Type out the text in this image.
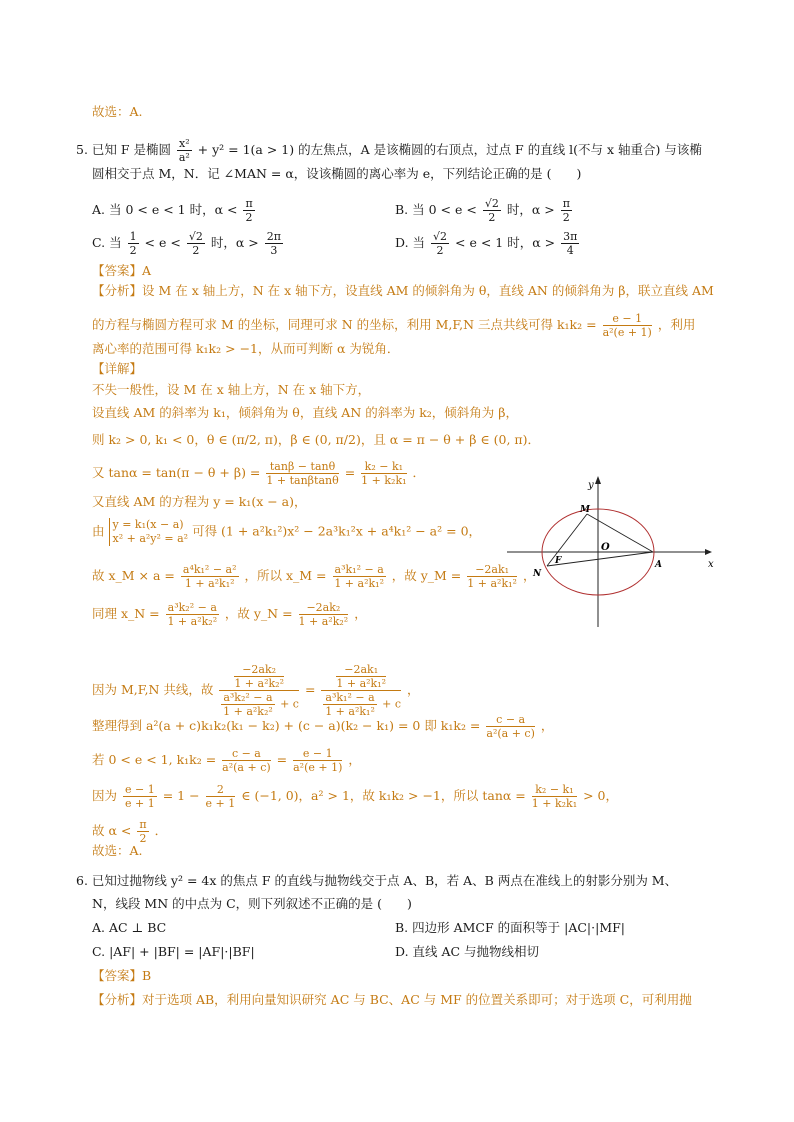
故选：A.
5. 已知 F 是椭圆 $\frac{\text{x²}}{\text{a²}} + y^2 = 1(a > 1)$ 的左焦点，A 是该椭圆的右顶点，过点 F 的直线 l(不与 x 轴重合) 与该椭
圆相交于点 M，N．记 ∠MAN = α，设该椭圆的离心率为 e，下列结论正确的是 (　　)
A. 当 0 < e < 1 时，$\alpha < \frac{\pi}{2}$	B. 当 $0 < e < \frac{√2}{2}$ 时，$\alpha > \frac{\pi}{2}$
C. 当 $\frac{1}{2} < e < \frac{√2}{2}$ 时，$\alpha > \frac{2\pi}{3}$	D. 当 $\frac{√2}{2} < e < 1$ 时，$\alpha > \frac{3\pi}{4}$
【答案】A
【分析】设 M 在 x 轴上方，N 在 x 轴下方，设直线 AM 的倾斜角为 θ，直线 AN 的倾斜角为 β，联立直线 AM
的方程与椭圆方程可求 M 的坐标，同理可求 N 的坐标，利用 M,F,N 三点共线可得 $k_1k_2 = \frac{e - 1}{\text{a²(e + 1)}}$ ，利用
离心率的范围可得 k₁k₂ > −1，从而可判断 α 为锐角．
【详解】
不失一般性，设 M 在 x 轴上方，N 在 x 轴下方，
设直线 AM 的斜率为 k₁，倾斜角为 θ，直线 AN 的斜率为 k₂，倾斜角为 β，
则 k₂ > 0, k₁ < 0，θ ∈ (π/2, π)，β ∈ (0, π/2)，且 α = π − θ + β ∈ (0, π)．
又 $\tan\alpha = \tan(\pi - \theta + \beta) = \frac{\tan\beta - \tan\theta}{1 + \tan\beta\tan\theta} = \frac{\text{k₂ − k₁}}{\text{1 + k₂k₁}}$ ．
又直线 AM 的方程为 y = k₁(x − a)，
由 y = k₁(x − a)
x² + a²y² = a² 可得 (1 + a²k₁²)x² − 2a³k₁²x + a⁴k₁² − a² = 0，
故 x_M × $a = \frac{\text{a⁴k₁² − a²}}{\text{1 + a²k₁²}}$ ，所以 x_M = $\frac{\text{a³k₁² − a}}{\text{1 + a²k₁²}}$ ，故 y_M = $\frac{\text{−2ak₁}}{\text{1 + a²k₁²}}$ ，
同理 x_N = $\frac{\text{a³k₂² − a}}{\text{1 + a²k₂²}}$ ，故 y_N = $\frac{\text{−2ak₂}}{\text{1 + a²k₂²}}$ ，
因为 M,F,N 共线，故 $\frac{\frac{\text{−2ak₂}}{\text{1 + a²k₂²}}}{\frac{\text{a³k₂² − a}}{\text{1 + a²k₂²}} + c} = \frac{\frac{\text{−2ak₁}}{\text{1 + a²k₁²}}}{\frac{\text{a³k₁² − a}}{\text{1 + a²k₁²}} + c}$ ，
整理得到 a²(a + c)k₁k₂(k₁ − k₂) + (c − a)(k₂ − k₁) = 0 即 $k_1k_2 = \frac{c - a}{\text{a²(a + c)}}$ ，
若 0 < e < 1, $k_1k_2 = \frac{c - a}{\text{a²(a + c)}} = \frac{e - 1}{\text{a²(e + 1)}}$ ，
因为 $\frac{e - 1}{e + 1} = 1 - \frac{2}{e + 1}$ ∈ (−1, 0)，a² > 1，故 k₁k₂ > −1，所以 $\tan\alpha = \frac{\text{k₂ − k₁}}{\text{1 + k₂k₁}} > 0$，
故 $\alpha < \frac{\pi}{2}$ ．
故选：A.
x
y
O
M
N
F	A
6. 已知过抛物线 y² = 4x 的焦点 F 的直线与抛物线交于点 A、B，若 A、B 两点在准线上的射影分别为 M、
N，线段 MN 的中点为 C，则下列叙述不正确的是 (　　)
A. AC ⊥ BC	B. 四边形 AMCF 的面积等于 |AC|·|MF|
C. |AF| + |BF| = |AF|·|BF|	D. 直线 AC 与抛物线相切
【答案】B
【分析】对于选项 AB，利用向量知识研究 AC 与 BC、AC 与 MF 的位置关系即可；对于选项 C，可利用抛
